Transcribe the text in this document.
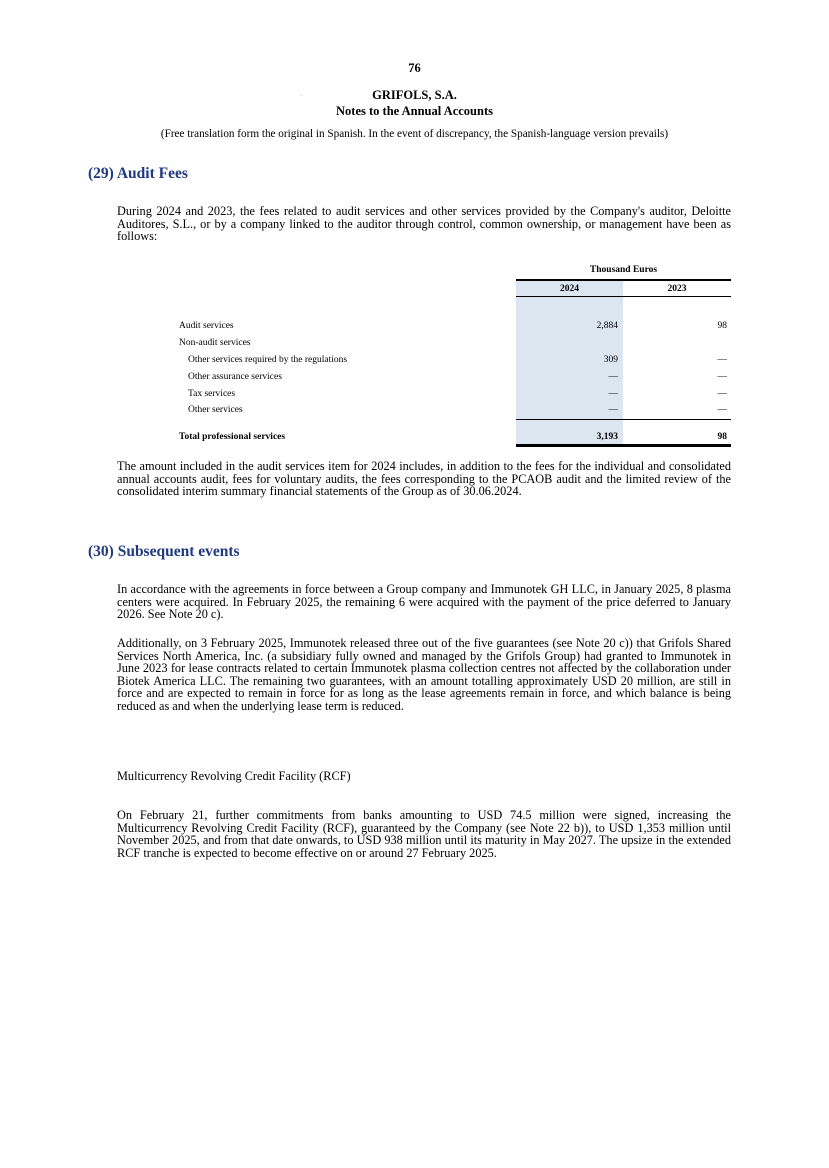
76
·	GRIFOLS, S.A.
Notes to the Annual Accounts
(Free translation form the original in Spanish. In the event of discrepancy, the Spanish-language version prevails)
(29) Audit Fees

During 2024 and 2023, the fees related to audit services and other services provided by the Company's auditor, Deloitte Auditores, S.L., or by a company linked to the auditor through control, common ownership, or management have been as follows:

Thousand Euros
2024	2023
Audit services	2,884	98
Non-audit services
Other services required by the regulations	309	—
Other assurance services	—	—
Tax services	—	—
Other services	—	—
Total professional services	3,193	98

The amount included in the audit services item for 2024 includes, in addition to the fees for the individual and consolidated annual accounts audit, fees for voluntary audits, the fees corresponding to the PCAOB audit and the limited review of the consolidated interim summary financial statements of the Group as of 30.06.2024.

(30) Subsequent events

In accordance with the agreements in force between a Group company and Immunotek GH LLC, in January 2025, 8 plasma centers were acquired. In February 2025, the remaining 6 were acquired with the payment of the price deferred to January 2026. See Note 20 c).

Additionally, on 3 February 2025, Immunotek released three out of the five guarantees (see Note 20 c)) that Grifols Shared Services North America, Inc. (a subsidiary fully owned and managed by the Grifols Group) had granted to Immunotek in June 2023 for lease contracts related to certain Immunotek plasma collection centres not affected by the collaboration under Biotek America LLC. The remaining two guarantees, with an amount totalling approximately USD 20 million, are still in force and are expected to remain in force for as long as the lease agreements remain in force, and which balance is being reduced as and when the underlying lease term is reduced.

Multicurrency Revolving Credit Facility (RCF)

On February 21, further commitments from banks amounting to USD 74.5 million were signed, increasing the Multicurrency Revolving Credit Facility (RCF), guaranteed by the Company (see Note 22 b)), to USD 1,353 million until November 2025, and from that date onwards, to USD 938 million until its maturity in May 2027. The upsize in the extended RCF tranche is expected to become effective on or around 27 February 2025.
